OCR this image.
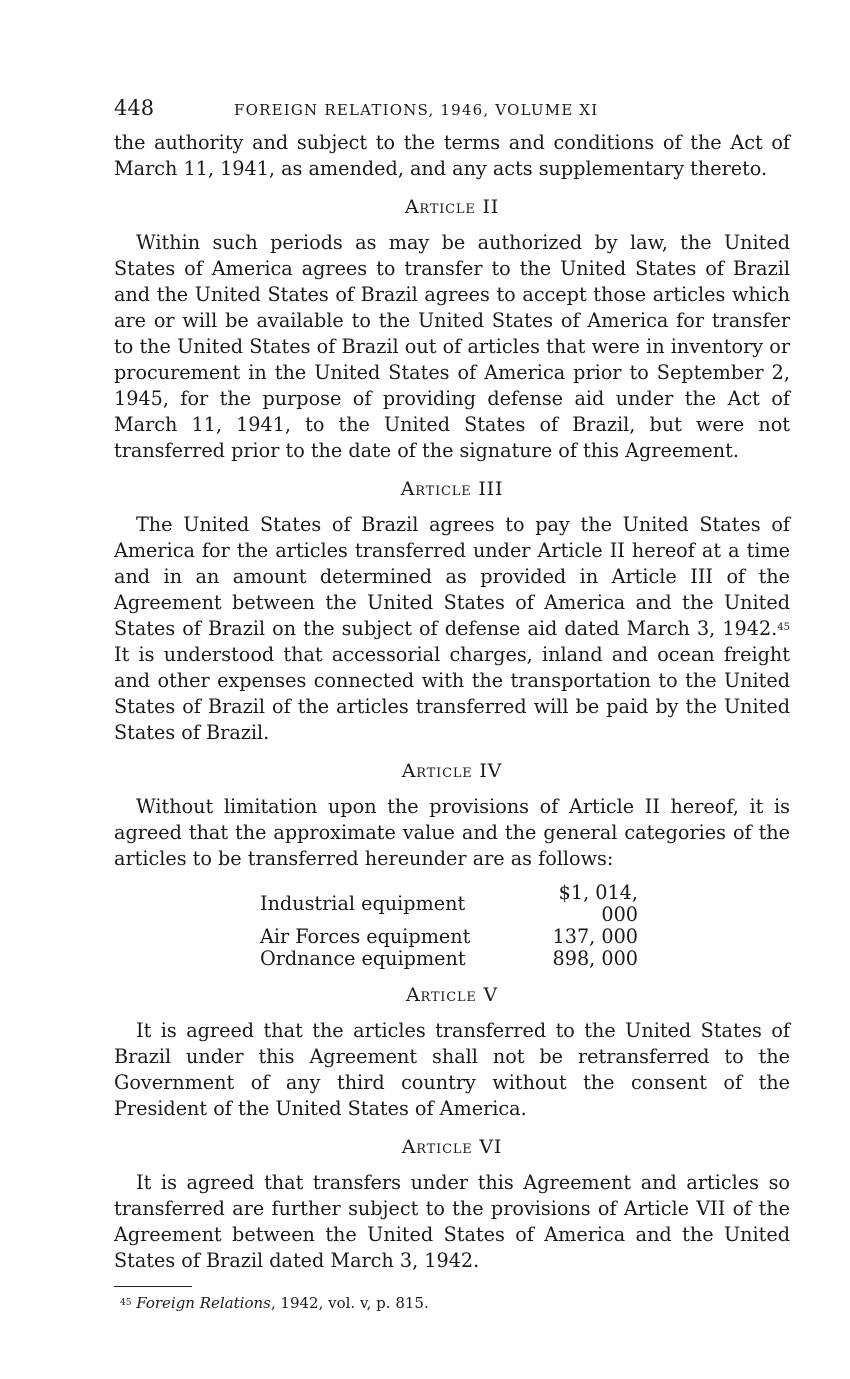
448	FOREIGN RELATIONS, 1946, VOLUME XI

the authority and subject to the terms and conditions of the Act of March 11, 1941, as amended, and any acts supplementary thereto.

Article II

Within such periods as may be authorized by law, the United States of America agrees to transfer to the United States of Brazil and the United States of Brazil agrees to accept those articles which are or will be available to the United States of America for transfer to the United States of Brazil out of articles that were in inventory or procurement in the United States of America prior to September 2, 1945, for the purpose of providing defense aid under the Act of March 11, 1941, to the United States of Brazil, but were not transferred prior to the date of the signature of this Agreement.

Article III

The United States of Brazil agrees to pay the United States of America for the articles transferred under Article II hereof at a time and in an amount determined as provided in Article III of the Agreement between the United States of America and the United States of Brazil on the subject of defense aid dated March 3, 1942.45 It is understood that accessorial charges, inland and ocean freight and other expenses connected with the transportation to the United States of Brazil of the articles transferred will be paid by the United States of Brazil.

Article IV

Without limitation upon the provisions of Article II hereof, it is agreed that the approximate value and the general categories of the articles to be transferred hereunder are as follows:

Industrial equipment	$1, 014, 000
Air Forces equipment	137, 000
Ordnance equipment	898, 000
Article V

It is agreed that the articles transferred to the United States of Brazil under this Agreement shall not be retransferred to the Government of any third country without the consent of the President of the United States of America.

Article VI

It is agreed that transfers under this Agreement and articles so transferred are further subject to the provisions of Article VII of the Agreement between the United States of America and the United States of Brazil dated March 3, 1942.

$^{45}$ Foreign Relations, 1942, vol. v, p. 815.
